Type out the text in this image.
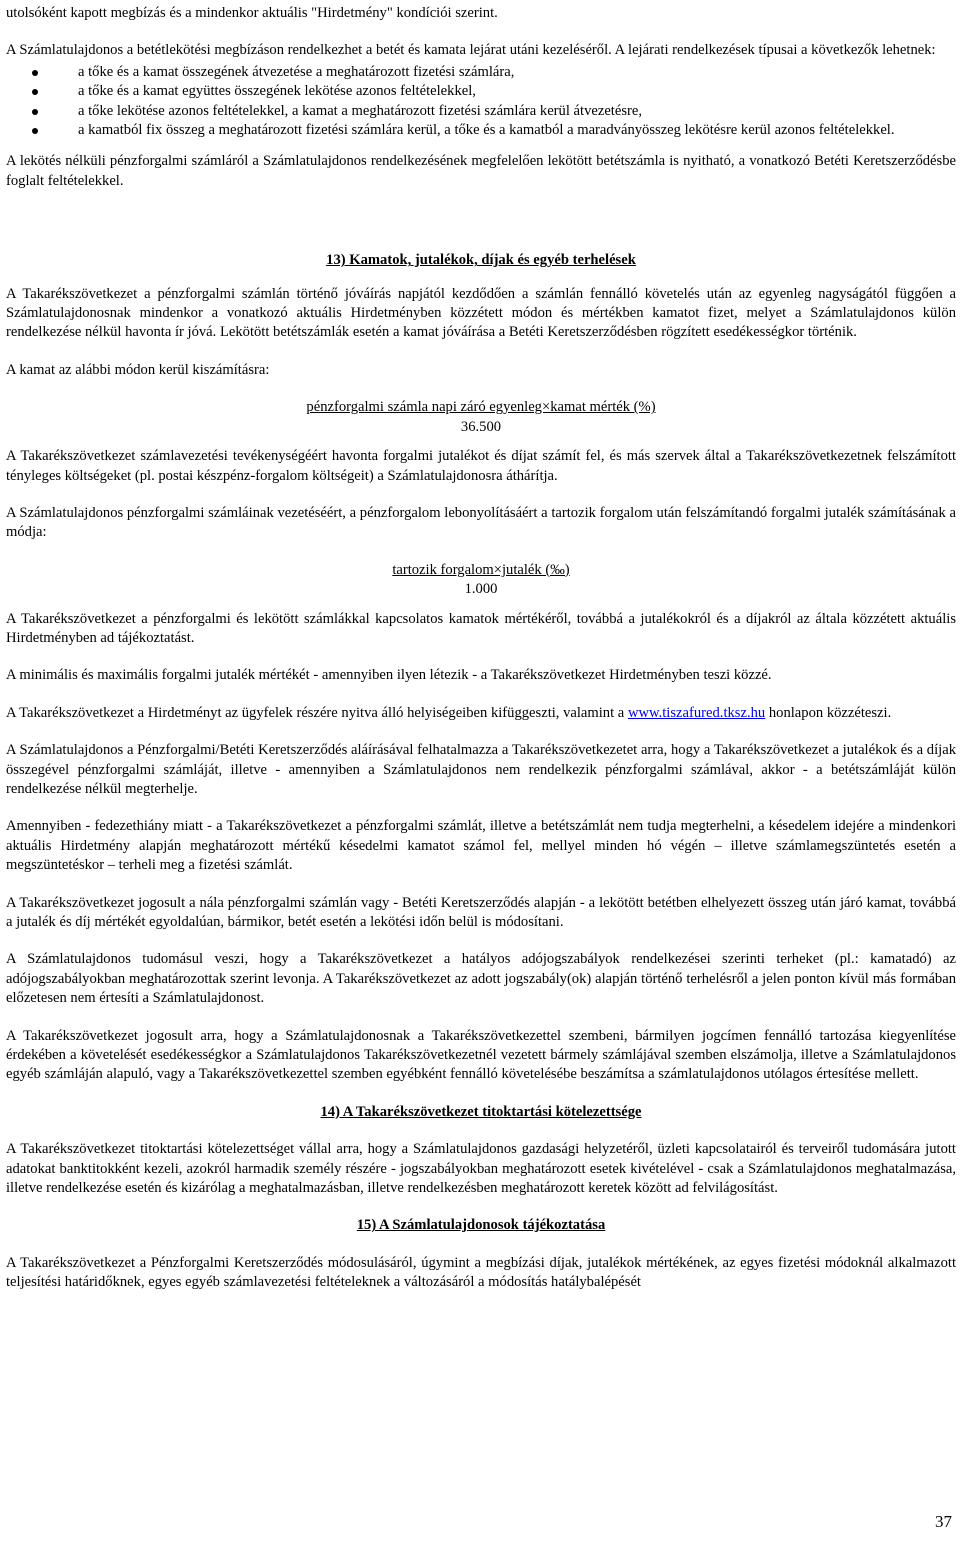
utolsóként kapott megbízás és a mindenkor aktuális "Hirdetmény" kondíciói szerint.

A Számlatulajdonos a betétlekötési megbízáson rendelkezhet a betét és kamata lejárat utáni kezeléséről. A lejárati rendelkezések típusai a következők lehetnek:

a tőke és a kamat összegének átvezetése a meghatározott fizetési számlára,
a tőke és a kamat együttes összegének lekötése azonos feltételekkel,
a tőke lekötése azonos feltételekkel, a kamat a meghatározott fizetési számlára kerül átvezetésre,
a kamatból fix összeg a meghatározott fizetési számlára kerül, a tőke és a kamatból a maradványösszeg lekötésre kerül azonos feltételekkel.

A lekötés nélküli pénzforgalmi számláról a Számlatulajdonos rendelkezésének megfelelően lekötött betétszámla is nyitható, a vonatkozó Betéti Keretszerződésbe foglalt feltételekkel.

13) Kamatok, jutalékok, díjak és egyéb terhelések

A Takarékszövetkezet a pénzforgalmi számlán történő jóváírás napjától kezdődően a számlán fennálló követelés után az egyenleg nagyságától függően a Számlatulajdonosnak mindenkor a vonatkozó aktuális Hirdetményben közzétett módon és mértékben kamatot fizet, melyet a Számlatulajdonos külön rendelkezése nélkül havonta ír jóvá. Lekötött betétszámlák esetén a kamat jóváírása a Betéti Keretszerződésben rögzített esedékességkor történik.

A kamat az alábbi módon kerül kiszámításra:

pénzforgalmi számla napi záró egyenleg×kamat mérték (%)
36.500

A Takarékszövetkezet számlavezetési tevékenységéért havonta forgalmi jutalékot és díjat számít fel, és más szervek által a Takarékszövetkezetnek felszámított tényleges költségeket (pl. postai készpénz-forgalom költségeit) a Számlatulajdonosra áthárítja.

A Számlatulajdonos pénzforgalmi számláinak vezetéséért, a pénzforgalom lebonyolításáért a tartozik forgalom után felszámítandó forgalmi jutalék számításának a módja:

tartozik forgalom×jutalék (‰)
1.000

A Takarékszövetkezet a pénzforgalmi és lekötött számlákkal kapcsolatos kamatok mértékéről, továbbá a jutalékokról és a díjakról az általa közzétett aktuális Hirdetményben ad tájékoztatást.

A minimális és maximális forgalmi jutalék mértékét - amennyiben ilyen létezik - a Takarékszövetkezet Hirdetményben teszi közzé.

A Takarékszövetkezet a Hirdetményt az ügyfelek részére nyitva álló helyiségeiben kifüggeszti, valamint a www.tiszafured.tksz.hu honlapon közzéteszi.

A Számlatulajdonos a Pénzforgalmi/Betéti Keretszerződés aláírásával felhatalmazza a Takarékszövetkezetet arra, hogy a Takarékszövetkezet a jutalékok és a díjak összegével pénzforgalmi számláját, illetve - amennyiben a Számlatulajdonos nem rendelkezik pénzforgalmi számlával, akkor - a betétszámláját külön rendelkezése nélkül megterhelje.

Amennyiben - fedezethiány miatt - a Takarékszövetkezet a pénzforgalmi számlát, illetve a betétszámlát nem tudja megterhelni, a késedelem idejére a mindenkori aktuális Hirdetmény alapján meghatározott mértékű késedelmi kamatot számol fel, mellyel minden hó végén – illetve számlamegszüntetés esetén a megszüntetéskor – terheli meg a fizetési számlát.

A Takarékszövetkezet jogosult a nála pénzforgalmi számlán vagy - Betéti Keretszerződés alapján - a lekötött betétben elhelyezett összeg után járó kamat, továbbá a jutalék és díj mértékét egyoldalúan, bármikor, betét esetén a lekötési időn belül is módosítani.

A Számlatulajdonos tudomásul veszi, hogy a Takarékszövetkezet a hatályos adójogszabályok rendelkezései szerinti terheket (pl.: kamatadó) az adójogszabályokban meghatározottak szerint levonja. A Takarékszövetkezet az adott jogszabály(ok) alapján történő terhelésről a jelen ponton kívül más formában előzetesen nem értesíti a Számlatulajdonost.

A Takarékszövetkezet jogosult arra, hogy a Számlatulajdonosnak a Takarékszövetkezettel szembeni, bármilyen jogcímen fennálló tartozása kiegyenlítése érdekében a követelését esedékességkor a Számlatulajdonos Takarékszövetkezetnél vezetett bármely számlájával szemben elszámolja, illetve a Számlatulajdonos egyéb számláján alapuló, vagy a Takarékszövetkezettel szemben egyébként fennálló követelésébe beszámítsa a számlatulajdonos utólagos értesítése mellett.

14) A Takarékszövetkezet titoktartási kötelezettsége

A Takarékszövetkezet titoktartási kötelezettséget vállal arra, hogy a Számlatulajdonos gazdasági helyzetéről, üzleti kapcsolatairól és terveiről tudomására jutott adatokat banktitokként kezeli, azokról harmadik személy részére - jogszabályokban meghatározott esetek kivételével - csak a Számlatulajdonos meghatalmazása, illetve rendelkezése esetén és kizárólag a meghatalmazásban, illetve rendelkezésben meghatározott keretek között ad felvilágosítást.

15) A Számlatulajdonosok tájékoztatása

A Takarékszövetkezet a Pénzforgalmi Keretszerződés módosulásáról, úgymint a megbízási díjak, jutalékok mértékének, az egyes fizetési módoknál alkalmazott teljesítési határidőknek, egyes egyéb számlavezetési feltételeknek a változásáról a módosítás hatálybalépését

37
